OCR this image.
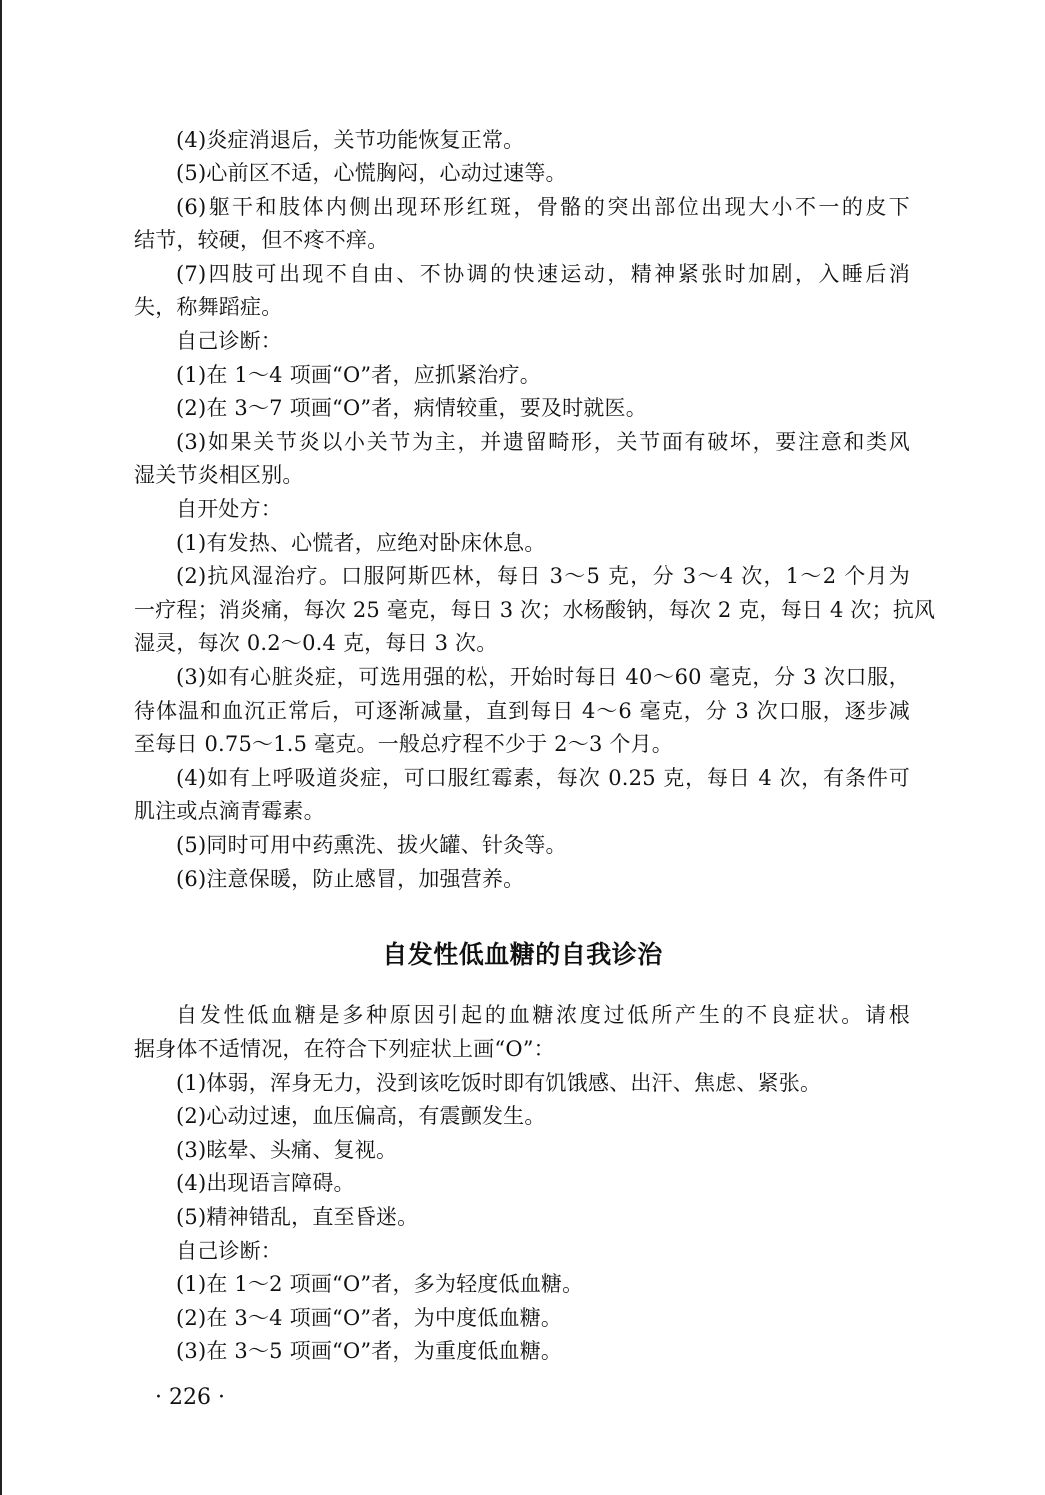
(4)炎症消退后，关节功能恢复正常。
(5)心前区不适，心慌胸闷，心动过速等。
(6)躯干和肢体内侧出现环形红斑，骨骼的突出部位出现大小不一的皮下
结节，较硬，但不疼不痒。
(7)四肢可出现不自由、不协调的快速运动，精神紧张时加剧，入睡后消
失，称舞蹈症。
自己诊断：
(1)在 1～4 项画“O”者，应抓紧治疗。
(2)在 3～7 项画“O”者，病情较重，要及时就医。
(3)如果关节炎以小关节为主，并遗留畸形，关节面有破坏，要注意和类风
湿关节炎相区别。
自开处方：
(1)有发热、心慌者，应绝对卧床休息。
(2)抗风湿治疗。口服阿斯匹林，每日 3～5 克，分 3～4 次，1～2 个月为
一疗程；消炎痛，每次 25 毫克，每日 3 次；水杨酸钠，每次 2 克，每日 4 次；抗风
湿灵，每次 0.2～0.4 克，每日 3 次。
(3)如有心脏炎症，可选用强的松，开始时每日 40～60 毫克，分 3 次口服，
待体温和血沉正常后，可逐渐减量，直到每日 4～6 毫克，分 3 次口服，逐步减
至每日 0.75～1.5 毫克。一般总疗程不少于 2～3 个月。
(4)如有上呼吸道炎症，可口服红霉素，每次 0.25 克，每日 4 次，有条件可
肌注或点滴青霉素。
(5)同时可用中药熏洗、拔火罐、针灸等。
(6)注意保暖，防止感冒，加强营养。
自发性低血糖的自我诊治
自发性低血糖是多种原因引起的血糖浓度过低所产生的不良症状。请根
据身体不适情况，在符合下列症状上画“O”：
(1)体弱，浑身无力，没到该吃饭时即有饥饿感、出汗、焦虑、紧张。
(2)心动过速，血压偏高，有震颤发生。
(3)眩晕、头痛、复视。
(4)出现语言障碍。
(5)精神错乱，直至昏迷。
自己诊断：
(1)在 1～2 项画“O”者，多为轻度低血糖。
(2)在 3～4 项画“O”者，为中度低血糖。
(3)在 3～5 项画“O”者，为重度低血糖。
· 226 ·
